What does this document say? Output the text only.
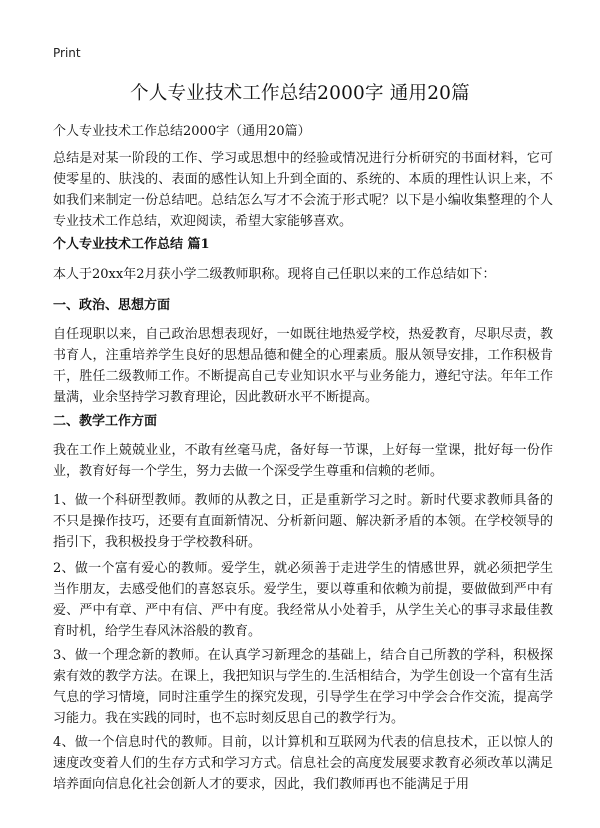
Print
个人专业技术工作总结2000字 通用20篇

个人专业技术工作总结2000字（通用20篇）

总结是对某一阶段的工作、学习或思想中的经验或情况进行分析研究的书面材料，它可使零星的、肤浅的、表面的感性认知上升到全面的、系统的、本质的理性认识上来，不如我们来制定一份总结吧。总结怎么写才不会流于形式呢？以下是小编收集整理的个人专业技术工作总结，欢迎阅读，希望大家能够喜欢。

个人专业技术工作总结 篇1

本人于20xx年2月获小学二级教师职称。现将自己任职以来的工作总结如下：

一、政治、思想方面

自任现职以来，自己政治思想表现好，一如既往地热爱学校，热爱教育，尽职尽责，教书育人，注重培养学生良好的思想品德和健全的心理素质。服从领导安排，工作积极肯干，胜任二级教师工作。不断提高自己专业知识水平与业务能力，遵纪守法。年年工作量满，业余坚持学习教育理论，因此教研水平不断提高。

二、教学工作方面

我在工作上兢兢业业，不敢有丝毫马虎，备好每一节课，上好每一堂课，批好每一份作业，教育好每一个学生，努力去做一个深受学生尊重和信赖的老师。

1、做一个科研型教师。教师的从教之日，正是重新学习之时。新时代要求教师具备的不只是操作技巧，还要有直面新情况、分析新问题、解决新矛盾的本领。在学校领导的指引下，我积极投身于学校教科研。

2、做一个富有爱心的教师。爱学生，就必须善于走进学生的情感世界，就必须把学生当作朋友，去感受他们的喜怒哀乐。爱学生，要以尊重和依赖为前提，要做做到严中有爱、严中有章、严中有信、严中有度。我经常从小处着手，从学生关心的事寻求最佳教育时机，给学生春风沐浴般的教育。

3、做一个理念新的教师。在认真学习新理念的基础上，结合自己所教的学科，积极探索有效的教学方法。在课上，我把知识与学生的.生活相结合，为学生创设一个富有生活气息的学习情境，同时注重学生的探究发现，引导学生在学习中学会合作交流，提高学习能力。我在实践的同时，也不忘时刻反思自己的教学行为。

4、做一个信息时代的教师。目前，以计算机和互联网为代表的信息技术，正以惊人的速度改变着人们的生存方式和学习方式。信息社会的高度发展要求教育必须改革以满足培养面向信息化社会创新人才的要求，因此，我们教师再也不能满足于用
